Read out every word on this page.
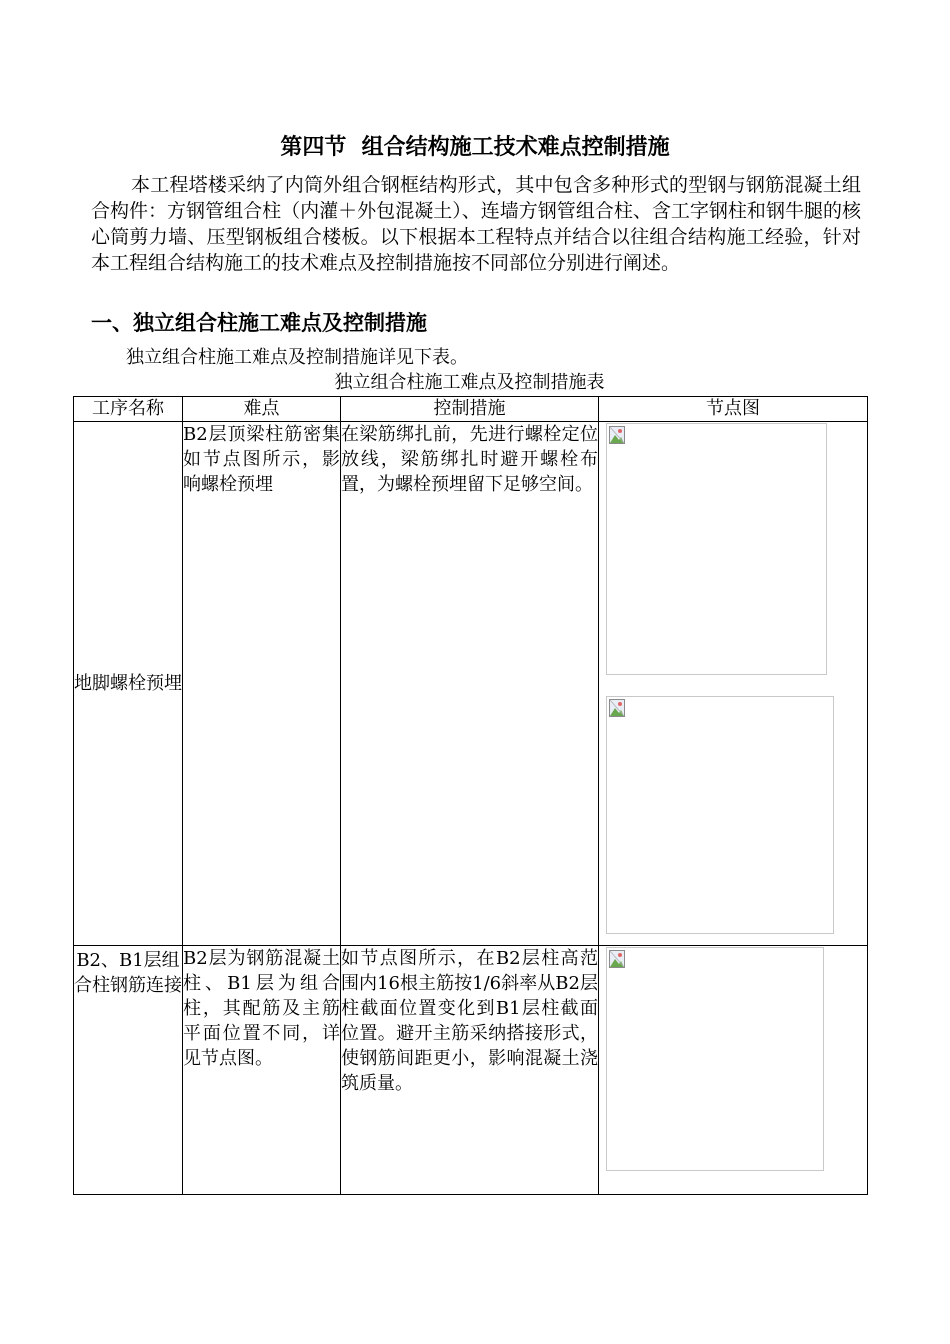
第四节  组合结构施工技术难点控制措施

本工程塔楼采纳了内筒外组合钢框结构形式，其中包含多种形式的型钢与钢筋混凝土组合构件：方钢管组合柱（内灌＋外包混凝土）、连墙方钢管组合柱、含工字钢柱和钢牛腿的核心筒剪力墙、压型钢板组合楼板。以下根据本工程特点并结合以往组合结构施工经验，针对本工程组合结构施工的技术难点及控制措施按不同部位分别进行阐述。

一、独立组合柱施工难点及控制措施
独立组合柱施工难点及控制措施详见下表。
独立组合柱施工难点及控制措施表
工序名称	难点	控制措施	节点图
地脚螺栓预埋	B2层顶梁柱筋密集如节点图所示，影响螺栓预埋	在梁筋绑扎前，先进行螺栓定位放线，梁筋绑扎时避开螺栓布置，为螺栓预埋留下足够空间。	

B2、B1层组合柱钢筋连接	B2层为钢筋混凝土柱、B1层为组合柱，其配筋及主筋平面位置不同，详见节点图。	如节点图所示，在B2层柱高范围内16根主筋按1/6斜率从B2层柱截面位置变化到B1层柱截面位置。避开主筋采纳搭接形式，使钢筋间距更小，影响混凝土浇筑质量。	
